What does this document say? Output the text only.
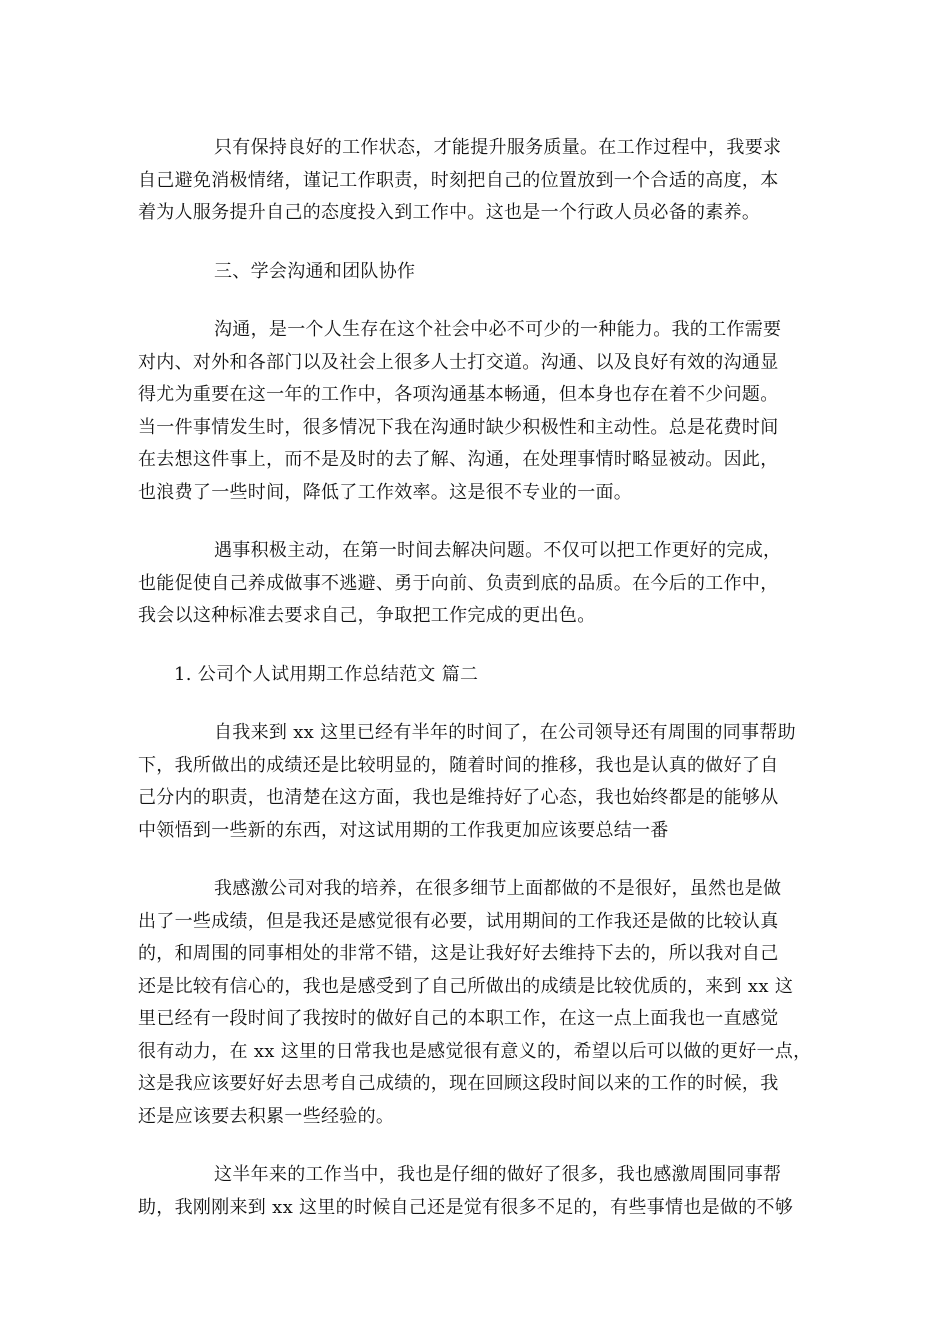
只有保持良好的工作状态，才能提升服务质量。在工作过程中，我要求
自己避免消极情绪，谨记工作职责，时刻把自己的位置放到一个合适的高度，本
着为人服务提升自己的态度投入到工作中。这也是一个行政人员必备的素养。

三、学会沟通和团队协作

沟通，是一个人生存在这个社会中必不可少的一种能力。我的工作需要
对内、对外和各部门以及社会上很多人士打交道。沟通、以及良好有效的沟通显
得尤为重要在这一年的工作中，各项沟通基本畅通，但本身也存在着不少问题。
当一件事情发生时，很多情况下我在沟通时缺少积极性和主动性。总是花费时间
在去想这件事上，而不是及时的去了解、沟通，在处理事情时略显被动。因此，
也浪费了一些时间，降低了工作效率。这是很不专业的一面。

遇事积极主动，在第一时间去解决问题。不仅可以把工作更好的完成，
也能促使自己养成做事不逃避、勇于向前、负责到底的品质。在今后的工作中，
我会以这种标准去要求自己，争取把工作完成的更出色。

1. 公司个人试用期工作总结范文 篇二

自我来到 xx 这里已经有半年的时间了，在公司领导还有周围的同事帮助
下，我所做出的成绩还是比较明显的，随着时间的推移，我也是认真的做好了自
己分内的职责，也清楚在这方面，我也是维持好了心态，我也始终都是的能够从
中领悟到一些新的东西，对这试用期的工作我更加应该要总结一番

我感激公司对我的培养，在很多细节上面都做的不是很好，虽然也是做
出了一些成绩，但是我还是感觉很有必要，试用期间的工作我还是做的比较认真
的，和周围的同事相处的非常不错，这是让我好好去维持下去的，所以我对自己
还是比较有信心的，我也是感受到了自己所做出的成绩是比较优质的，来到 xx 这
里已经有一段时间了我按时的做好自己的本职工作，在这一点上面我也一直感觉
很有动力，在 xx 这里的日常我也是感觉很有意义的，希望以后可以做的更好一点，
这是我应该要好好去思考自己成绩的，现在回顾这段时间以来的工作的时候，我
还是应该要去积累一些经验的。

这半年来的工作当中，我也是仔细的做好了很多，我也感激周围同事帮
助，我刚刚来到 xx 这里的时候自己还是觉有很多不足的，有些事情也是做的不够
